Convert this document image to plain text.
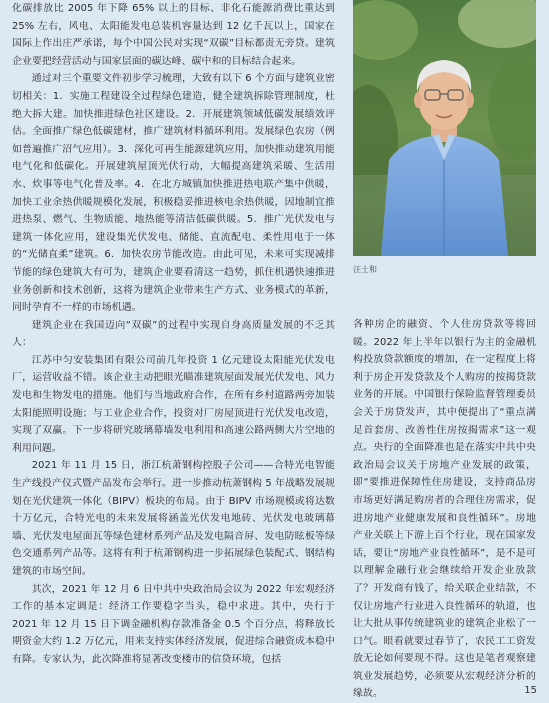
化碳排放比 2005 年下降 65% 以上的目标、非化石能源消费比重达到 25% 左右，风电、太阳能发电总装机容量达到 12 亿千瓦以上，国家在国际上作出庄严承诺，每个中国公民对实现“双碳”目标都责无旁贷。建筑企业要把经营活动与国家层面的碳达峰、碳中和的目标结合起来。

通过对三个重要文件初步学习梳理，大致有以下 6 个方面与建筑业密切相关：1．实施工程建设全过程绿色建造，健全建筑拆除管理制度，杜绝大拆大建。加快推进绿色社区建设。2．开展建筑领域低碳发展绩效评估。全面推广绿色低碳建材，推广建筑材料循环利用。发展绿色农房（例如普遍推广沼气应用）。3．深化可再生能源建筑应用，加快推动建筑用能电气化和低碳化。开展建筑屋顶光伏行动，大幅提高建筑采暖、生活用水、炊事等电气化普及率。4．在北方城镇加快推进热电联产集中供暖，加快工业余热供暖规模化发展，积极稳妥推进核电余热供暖，因地制宜推进热泵、燃气、生物质能、地热能等清洁低碳供暖。5．推广光伏发电与建筑一体化应用，建设集光伏发电、储能、直流配电、柔性用电于一体的“光储直柔”建筑。6．加快农房节能改造。由此可见，未来可实现减排节能的绿色建筑大有可为，建筑企业要看清这一趋势，抓住机遇快速推进业务创新和技术创新，这将为建筑企业带来生产方式、业务模式的革新，同时孕育不一样的市场机遇。

建筑企业在我国迈向“双碳”的过程中实现自身高质量发展的不乏其人：

江苏中匀安装集团有限公司前几年投资 1 亿元建设太阳能光伏发电厂，运营收益不错。该企业主动把眼光瞄准建筑屋面发展光伏发电、风力发电和生物发电的措施。他们与当地政府合作，在所有乡村道路两旁加装太阳能照明设施；与工业企业合作，投资对厂房屋顶进行光伏发电改造，实现了双赢。下一步将研究玻璃幕墙发电利用和高速公路两侧大片空地的利用问题。

2021 年 11 月 15 日，浙江杭萧钢构控股子公司——合特光电智能生产线投产仪式暨产品发布会举行。进一步推动杭萧钢构 5 年战略发展规划在光伏建筑一体化（BIPV）板块的布局。由于 BIPV 市场规模或将达数十万亿元，合特光电的未来发展将涵盖光伏发电地砖、光伏发电玻璃幕墙、光伏发电屋面瓦等绿色建材系列产品及发电隔音屏、发电防眩板等绿色交通系列产品等。这将有利于杭萧钢构进一步拓展绿色装配式、钢结构建筑的市场空间。

其次，2021 年 12 月 6 日中共中央政治局会议为 2022 年宏观经济工作的基本定调是：经济工作要稳字当头，稳中求进。其中，央行于 2021 年 12 月 15 日下调金融机构存款准备金 0.5 个百分点，将释放长期资金大约 1.2 万亿元，用来支持实体经济发展，促进综合融资成本稳中有降。专家认为，此次降准将显著改变楼市的信贷环境，包括

汪士和

各种房企的融资、个人住房贷款等将回暖。2022 年上半年以银行为主的金融机构投放贷款额度的增加，在一定程度上将利于房企开发贷款及个人购房的按揭贷款业务的开展。中国银行保险监督管理委员会关于房贷发声，其中便提出了“重点满足首套房、改善性住房按揭需求”这一观点。央行的全面降准也是在落实中共中央政治局会议关于房地产业发展的政策，即“要推进保障性住房建设，支持商品房市场更好满足购房者的合理住房需求，促进房地产业健康发展和良性循环”。房地产业关联上下游上百个行业，现在国家发话，要让“房地产业良性循环”，是不是可以理解金融行业会继续给开发企业放款了？开发商有钱了，给关联企业结款，不仅让房地产行业进入良性循环的轨道，也让大批从事传统建筑业的建筑企业松了一口气。眼看就要过春节了，农民工工资发放无论如何要现不得。这也是笔者观察建筑业发展趋势，必须要从宏观经济分析的缘故。	15
